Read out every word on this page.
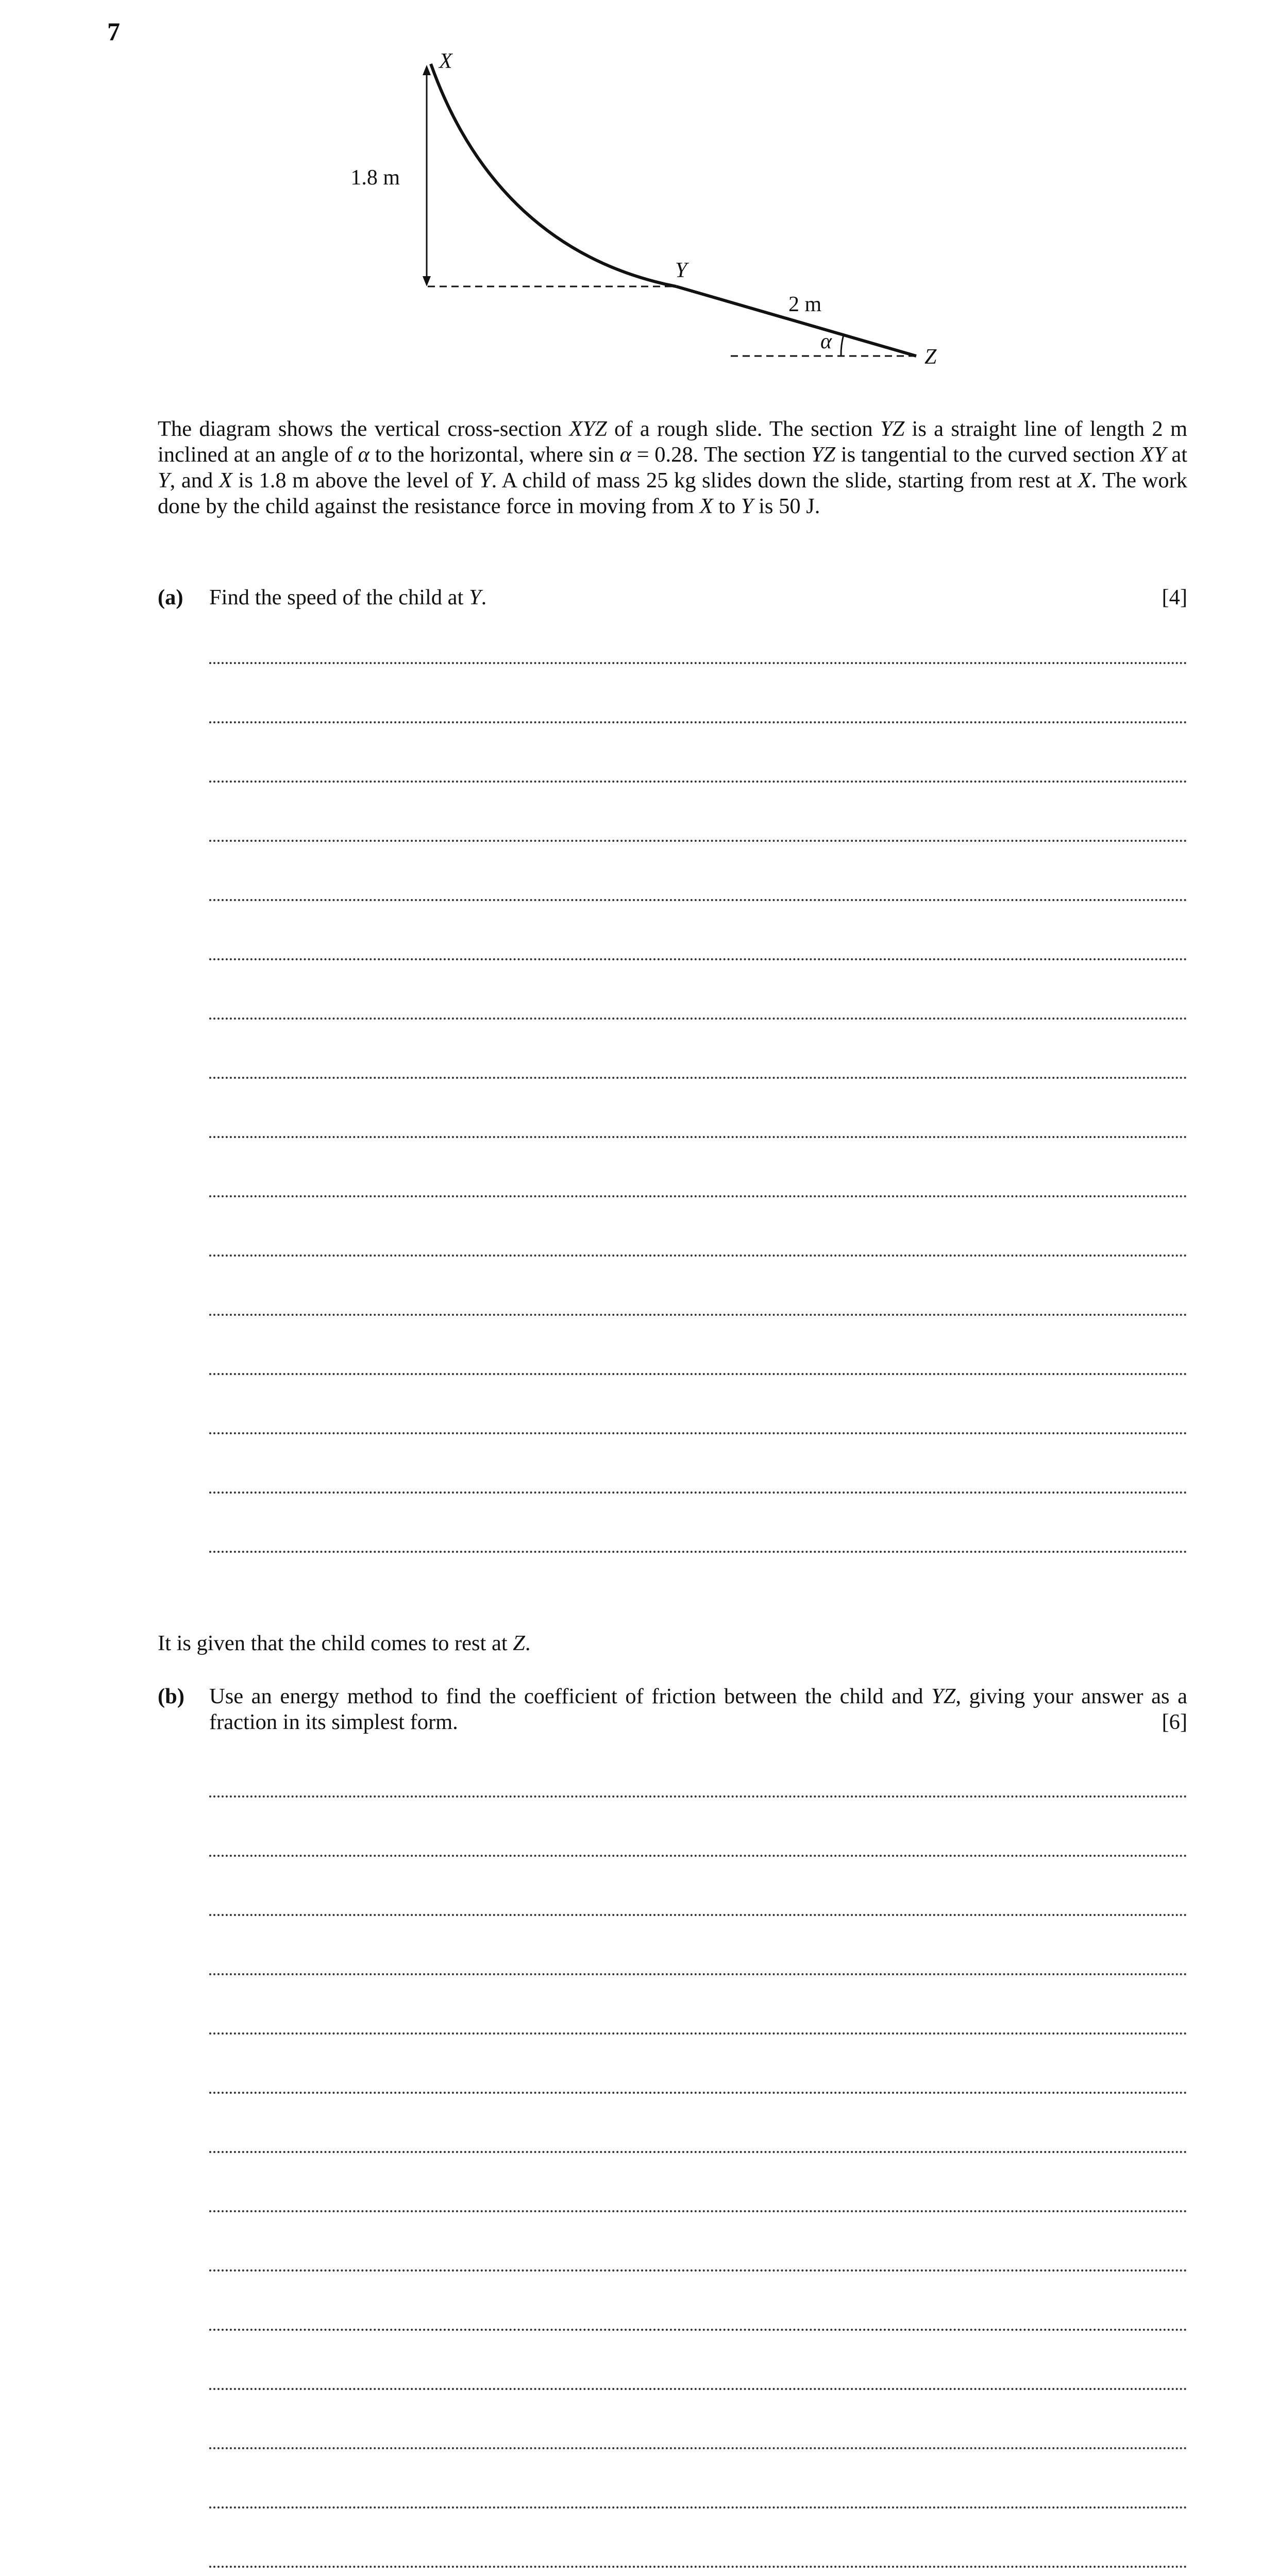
7
X
1.8 m
Y
2 m
α
Z
The diagram shows the vertical cross-section XYZ of a rough slide. The section YZ is a straight line of length 2 m inclined at an angle of α to the horizontal, where sin α = 0.28. The section YZ is tangential to the curved section XY at Y, and X is 1.8 m above the level of Y. A child of mass 25 kg slides down the slide, starting from rest at X. The work done by the child against the resistance force in moving from X to Y is 50 J.
(a) Find the speed of the child at Y.	[4]
It is given that the child comes to rest at Z.
(b) Use an energy method to find the coefficient of friction between the child and YZ, giving your answer as a fraction in its simplest form.	[6]
